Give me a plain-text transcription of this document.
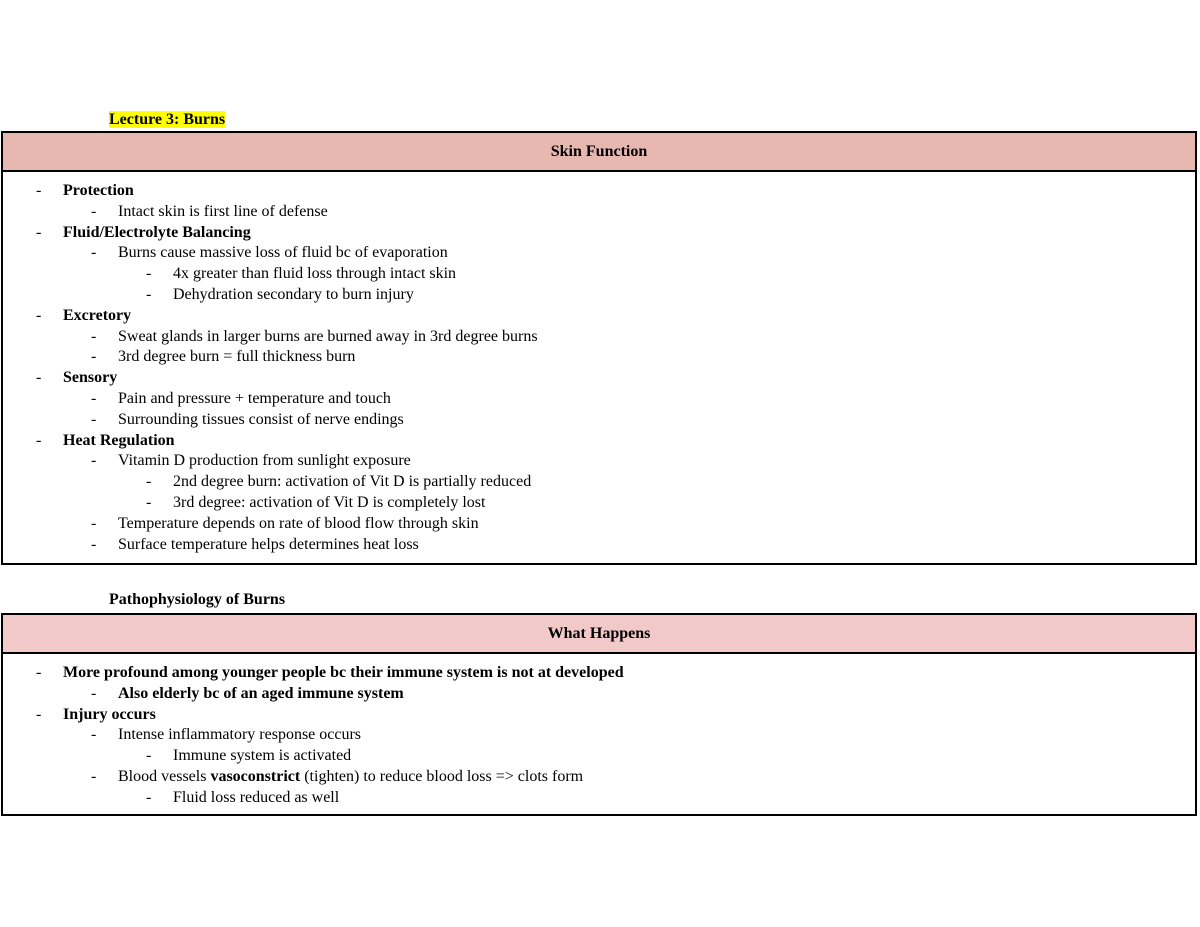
Lecture 3: Burns
Skin Function
- Protection
- Intact skin is first line of defense
- Fluid/Electrolyte Balancing
- Burns cause massive loss of fluid bc of evaporation
- 4x greater than fluid loss through intact skin
- Dehydration secondary to burn injury
- Excretory
- Sweat glands in larger burns are burned away in 3rd degree burns
- 3rd degree burn = full thickness burn
- Sensory
- Pain and pressure + temperature and touch
- Surrounding tissues consist of nerve endings
- Heat Regulation
- Vitamin D production from sunlight exposure
- 2nd degree burn: activation of Vit D is partially reduced
- 3rd degree: activation of Vit D is completely lost
- Temperature depends on rate of blood flow through skin
- Surface temperature helps determines heat loss
Pathophysiology of Burns
What Happens
- More profound among younger people bc their immune system is not at developed
- Also elderly bc of an aged immune system
- Injury occurs
- Intense inflammatory response occurs
- Immune system is activated
- Blood vessels vasoconstrict (tighten) to reduce blood loss => clots form
- Fluid loss reduced as well
